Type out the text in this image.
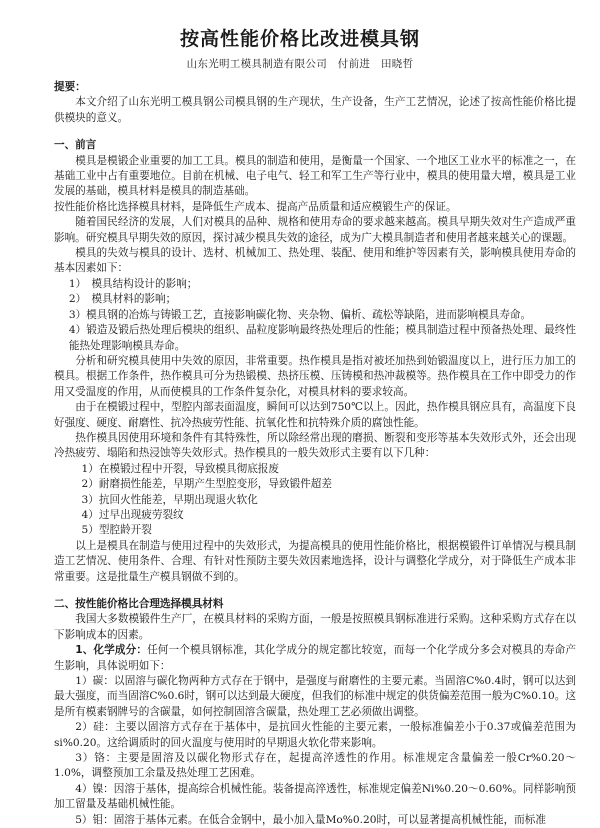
按高性能价格比改进模具钢
山东光明工模具制造有限公司　付前进　田晓哲

提要：

本文介绍了山东光明工模具钢公司模具钢的生产现状，生产设备，生产工艺情况，论述了按高性能价格比提供模块的意义。

一、前言

模具是模锻企业重要的加工工具。模具的制造和使用，是衡量一个国家、一个地区工业水平的标准之一，在基础工业中占有重要地位。目前在机械、电子电气、轻工和军工生产等行业中，模具的使用量大增，模具是工业发展的基础，模具材料是模具的制造基础。

按性能价格比选择模具材料，是降低生产成本、提高产品质量和适应模锻生产的保证。

随着国民经济的发展，人们对模具的品种、规格和使用寿命的要求越来越高。模具早期失效对生产造成严重影响。研究模具早期失效的原因，探讨减少模具失效的途径，成为广大模具制造者和使用者越来越关心的课题。

模具的失效与模具的设计、选材、机械加工、热处理、装配、使用和维护等因素有关，影响模具使用寿命的基本因素如下：

1）　模具结构设计的影响；

2）　模具材料的影响；

3）模具钢的冶炼与铸锻工艺，直接影响碳化物、夹杂物、偏析、疏松等缺陷，进而影响模具寿命。

4）锻造及锻后热处理后模块的组织、晶粒度影响最终热处理后的性能；模具制造过程中预备热处理、最终性能热处理影响模具寿命。

分析和研究模具使用中失效的原因，非常重要。热作模具是指对被坯加热到始锻温度以上，进行压力加工的模具。根据工作条件，热作模具可分为热锻模、热挤压模、压铸模和热冲裁模等。热作模具在工作中即受力的作用又受温度的作用，从而使模具的工作条件复杂化，对模具材料的要求较高。

由于在模锻过程中，型腔内部表面温度，瞬间可以达到750℃以上。因此，热作模具钢应具有，高温度下良好强度、硬度、耐磨性、抗冷热疲劳性能、抗氧化性和抗特殊介质的腐蚀性能。

热作模具因使用环境和条件有其特殊性，所以除经常出现的磨损、断裂和变形等基本失效形式外，还会出现冷热疲劳、塌陷和热浸蚀等失效形式。热作模具的一般失效形式主要有以下几种：

1）在模锻过程中开裂，导致模具彻底报废

2）耐磨损性能差，早期产生型腔变形，导致锻件超差

3）抗回火性能差，早期出现退火软化

4）过早出现疲劳裂纹

5）型腔龄开裂

以上是模具在制造与使用过程中的失效形式，为提高模具的使用性能价格比，根据模锻件订单情况与模具制造工艺情况、使用条件、合理、有针对性预防主要失效因素地选择，设计与调整化学成分，对于降低生产成本非常重要。这是批量生产模具钢做不到的。

二、按性能价格比合理选择模具材料

我国大多数模锻件生产厂，在模具材料的采购方面，一般是按照模具钢标准进行采购。这种采购方式存在以下影响成本的因素。

1、化学成分：任何一个模具钢标准，其化学成分的规定都比较宽，而每一个化学成分多会对模具的寿命产生影响，具体说明如下：

1）碳：以固溶与碳化物两种方式存在于钢中，是强度与耐磨性的主要元素。当固溶C%0.4时，钢可以达到最大强度，而当固溶C%0.6时，钢可以达到最大硬度，但我们的标准中规定的供货偏差范围一般为C%0.10。这是所有模素钢牌号的含碳量，如何控制固溶含碳量，热处理工艺必须做出调整。

2）硅：主要以固溶方式存在于基体中，是抗回火性能的主要元素，一般标准偏差小于0.37或偏差范围为si%0.20。这给调质时的回火温度与使用时的早期退火软化带来影响。

3）铬：主要是固溶及以碳化物形式存在，起提高淬透性的作用。标准规定含量偏差一般Cr%0.20～1.0%，调整预加工余量及热处理工艺困难。

4）镍：因溶于基体，提高综合机械性能。装备提高淬透性，标准规定偏差Ni%0.20～0.60%。同样影响预加工留量及基础机械性能。

5）钼：固溶于基体元素。在低合金钢中，最小加入量Mo%0.20时，可以显著提高机械性能，而标准
